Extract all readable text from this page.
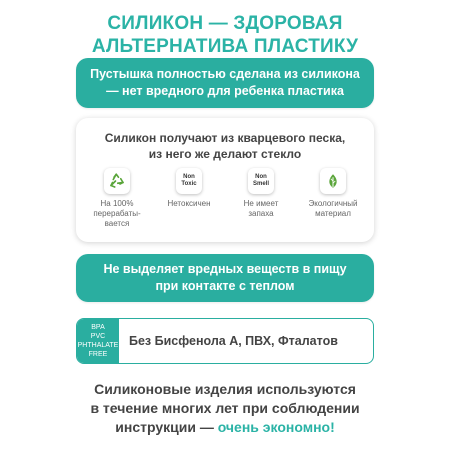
СИЛИКОН — ЗДОРОВАЯ
АЛЬТЕРНАТИВА ПЛАСТИКУ
Пустышка полностью сделана из силикона
— нет вредного для ребенка пластика
Силикон получают из кварцевого песка,
из него же делают стекло
На 100%
перерабаты-
вается
Non
Toxic
Нетоксичен
Non
Smell
Не имеет
запаха
Экологичный
материал
Не выделяет вредных веществ в пищу
при контакте с теплом
BPA
PVC
PHTHALATE
FREE
Без Бисфенола А, ПВХ, Фталатов
Силиконовые изделия используются
в течение многих лет при соблюдении
инструкции — очень экономно!
